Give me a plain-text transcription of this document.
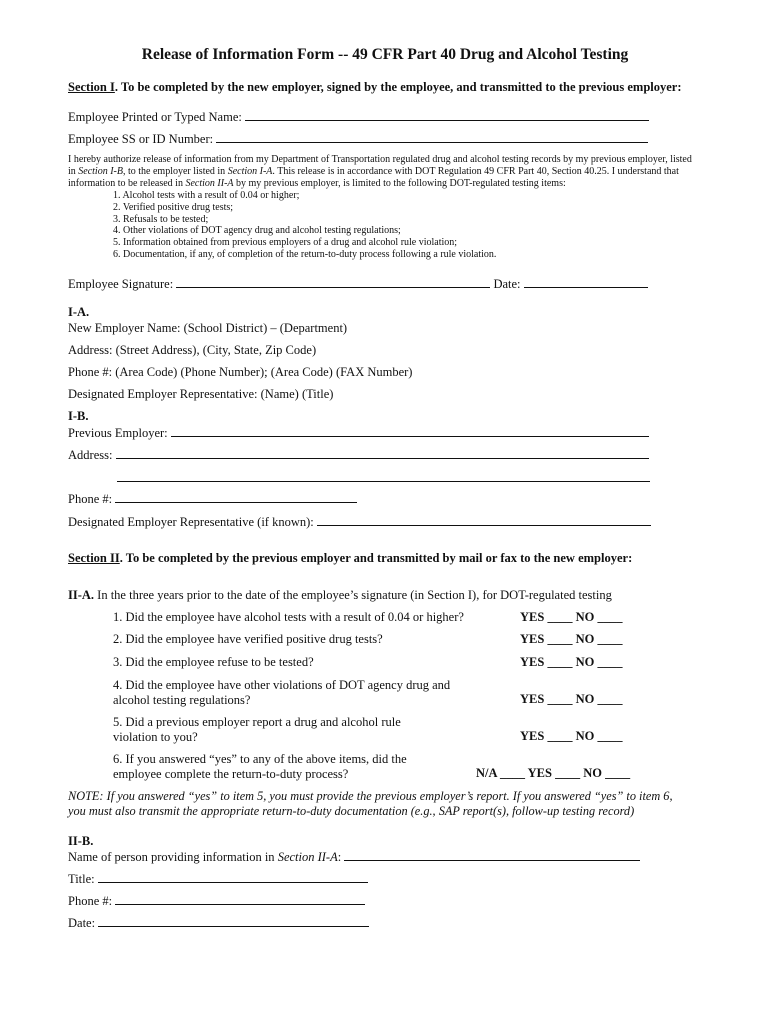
Release of Information Form -- 49 CFR Part 40 Drug and Alcohol Testing
Section I. To be completed by the new employer, signed by the employee, and transmitted to the previous employer:
Employee Printed or Typed Name:
Employee SS or ID Number:
I hereby authorize release of information from my Department of Transportation regulated drug and alcohol testing records by my previous employer, listed
in Section I-B, to the employer listed in Section I-A. This release is in accordance with DOT Regulation 49 CFR Part 40, Section 40.25. I understand that
information to be released in Section II-A by my previous employer, is limited to the following DOT-regulated testing items:
1. Alcohol tests with a result of 0.04 or higher;
2. Verified positive drug tests;
3. Refusals to be tested;
4. Other violations of DOT agency drug and alcohol testing regulations;
5. Information obtained from previous employers of a drug and alcohol rule violation;
6. Documentation, if any, of completion of the return-to-duty process following a rule violation.
Employee Signature:	Date:
I-A.
New Employer Name: (School District) – (Department)
Address: (Street Address), (City, State, Zip Code)
Phone #: (Area Code) (Phone Number); (Area Code) (FAX Number)
Designated Employer Representative: (Name) (Title)
I-B.
Previous Employer:
Address:
Phone #:
Designated Employer Representative (if known):
Section II. To be completed by the previous employer and transmitted by mail or fax to the new employer:
II-A. In the three years prior to the date of the employee’s signature (in Section I), for DOT-regulated testing
1. Did the employee have alcohol tests with a result of 0.04 or higher?	YES ____ NO ____
2. Did the employee have verified positive drug tests?	YES ____ NO ____
3. Did the employee refuse to be tested?	YES ____ NO ____
4. Did the employee have other violations of DOT agency drug and
alcohol testing regulations?	YES ____ NO ____
5. Did a previous employer report a drug and alcohol rule
violation to you?	YES ____ NO ____
6. If you answered “yes” to any of the above items, did the
employee complete the return-to-duty process?	N/A ____ YES ____ NO ____
NOTE: If you answered “yes” to item 5, you must provide the previous employer’s report. If you answered “yes” to item 6,
you must also transmit the appropriate return-to-duty documentation (e.g., SAP report(s), follow-up testing record)
II-B.
Name of person providing information in Section II-A:
Title:
Phone #:
Date:
